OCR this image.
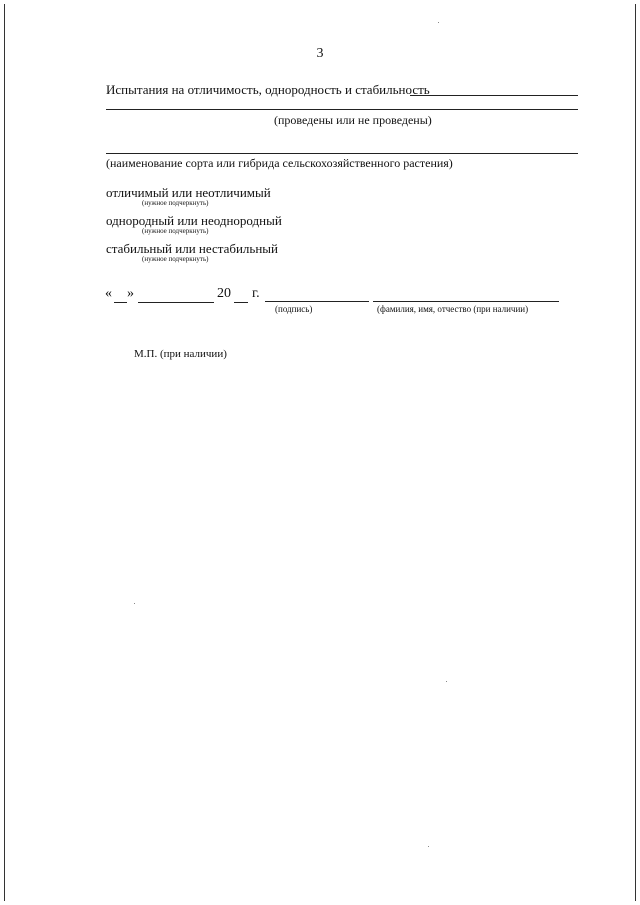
3
Испытания на отличимость, однородность и стабильность
(проведены или не проведены)
(наименование сорта или гибрида сельскохозяйственного растения)
отличимый или неотличимый
(нужное подчеркнуть)
однородный или неоднородный
(нужное подчеркнуть)
стабильный или нестабильный
(нужное подчеркнуть)
« »	20 г.
(подпись)	(фамилия, имя, отчество (при наличии)
М.П. (при наличии)
